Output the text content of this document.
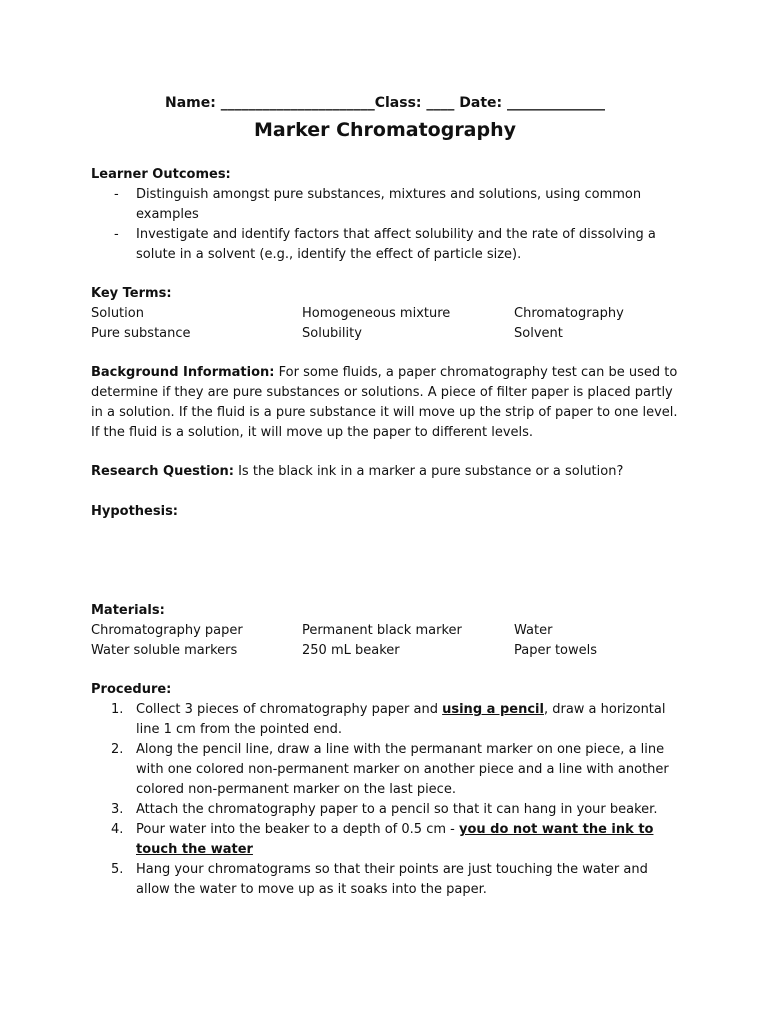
Name: ______________________Class: ____ Date: ______________
Marker Chromatography
Learner Outcomes:
- Distinguish amongst pure substances, mixtures and solutions, using common examples
- Investigate and identify factors that affect solubility and the rate of dissolving a solute in a solvent (e.g., identify the effect of particle size).
Key Terms:
Solution	Homogeneous mixture	Chromatography
Pure substance	Solubility	Solvent
Background Information: For some fluids, a paper chromatography test can be used to determine if they are pure substances or solutions. A piece of filter paper is placed partly in a solution. If the fluid is a pure substance it will move up the strip of paper to one level. If the fluid is a solution, it will move up the paper to different levels.
Research Question: Is the black ink in a marker a pure substance or a solution?
Hypothesis:
Materials:
Chromatography paper	Permanent black marker	Water
Water soluble markers	250 mL beaker	Paper towels
Procedure:
1. Collect 3 pieces of chromatography paper and using a pencil, draw a horizontal line 1 cm from the pointed end.
2. Along the pencil line, draw a line with the permanant marker on one piece, a line with one colored non-permanent marker on another piece and a line with another colored non-permanent marker on the last piece.
3. Attach the chromatography paper to a pencil so that it can hang in your beaker.
4. Pour water into the beaker to a depth of 0.5 cm - you do not want the ink to touch the water
5. Hang your chromatograms so that their points are just touching the water and allow the water to move up as it soaks into the paper.
